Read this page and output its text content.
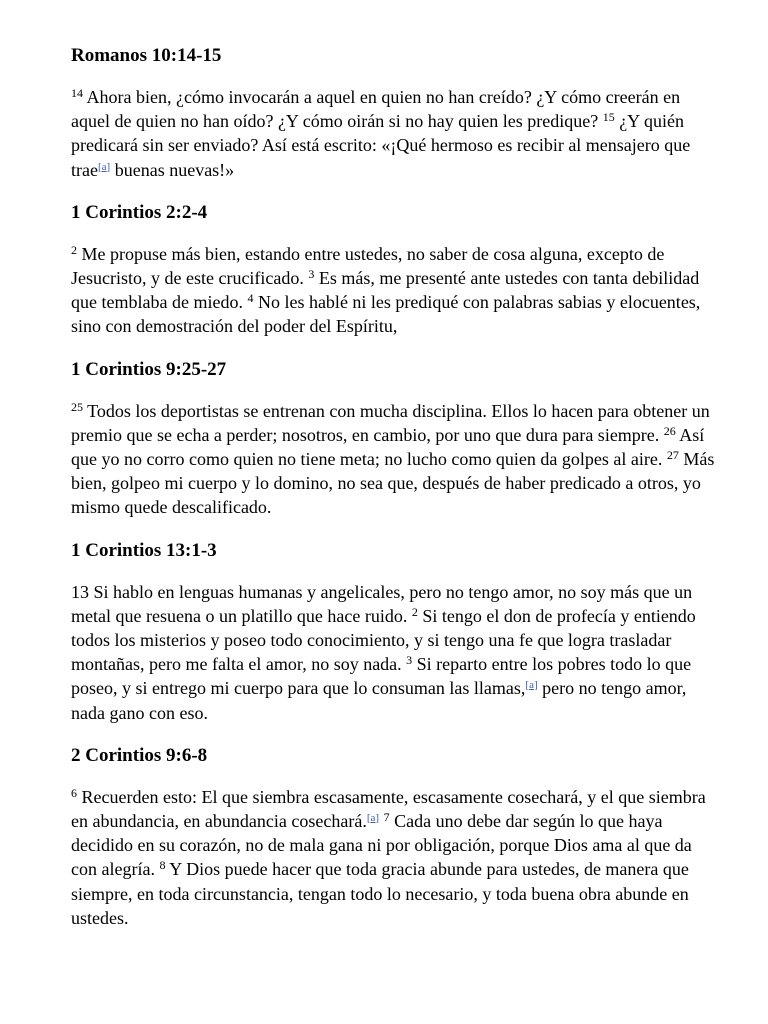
Romanos 10:14-15

$^{14}$ Ahora bien, ¿cómo invocarán a aquel en quien no han creído? ¿Y cómo creerán en aquel de quien no han oído? ¿Y cómo oirán si no hay quien les predique? $^{15}$ ¿Y quién predicará sin ser enviado? Así está escrito: «¡Qué hermoso es recibir al mensajero que trae[a] buenas nuevas!»

1 Corintios 2:2-4

$^2$ Me propuse más bien, estando entre ustedes, no saber de cosa alguna, excepto de Jesucristo, y de este crucificado. $^3$ Es más, me presenté ante ustedes con tanta debilidad que temblaba de miedo. $^4$ No les hablé ni les prediqué con palabras sabias y elocuentes, sino con demostración del poder del Espíritu,

1 Corintios 9:25-27

$^{25}$ Todos los deportistas se entrenan con mucha disciplina. Ellos lo hacen para obtener un premio que se echa a perder; nosotros, en cambio, por uno que dura para siempre. $^{26}$ Así que yo no corro como quien no tiene meta; no lucho como quien da golpes al aire. $^{27}$ Más bien, golpeo mi cuerpo y lo domino, no sea que, después de haber predicado a otros, yo mismo quede descalificado.

1 Corintios 13:1-3

13 Si hablo en lenguas humanas y angelicales, pero no tengo amor, no soy más que un metal que resuena o un platillo que hace ruido. $^2$ Si tengo el don de profecía y entiendo todos los misterios y poseo todo conocimiento, y si tengo una fe que logra trasladar montañas, pero me falta el amor, no soy nada. $^3$ Si reparto entre los pobres todo lo que poseo, y si entrego mi cuerpo para que lo consuman las llamas,[a] pero no tengo amor, nada gano con eso.

2 Corintios 9:6-8

$^6$ Recuerden esto: El que siembra escasamente, escasamente cosechará, y el que siembra en abundancia, en abundancia cosechará.[a] $^7$ Cada uno debe dar según lo que haya decidido en su corazón, no de mala gana ni por obligación, porque Dios ama al que da con alegría. $^8$ Y Dios puede hacer que toda gracia abunde para ustedes, de manera que siempre, en toda circunstancia, tengan todo lo necesario, y toda buena obra abunde en ustedes.
